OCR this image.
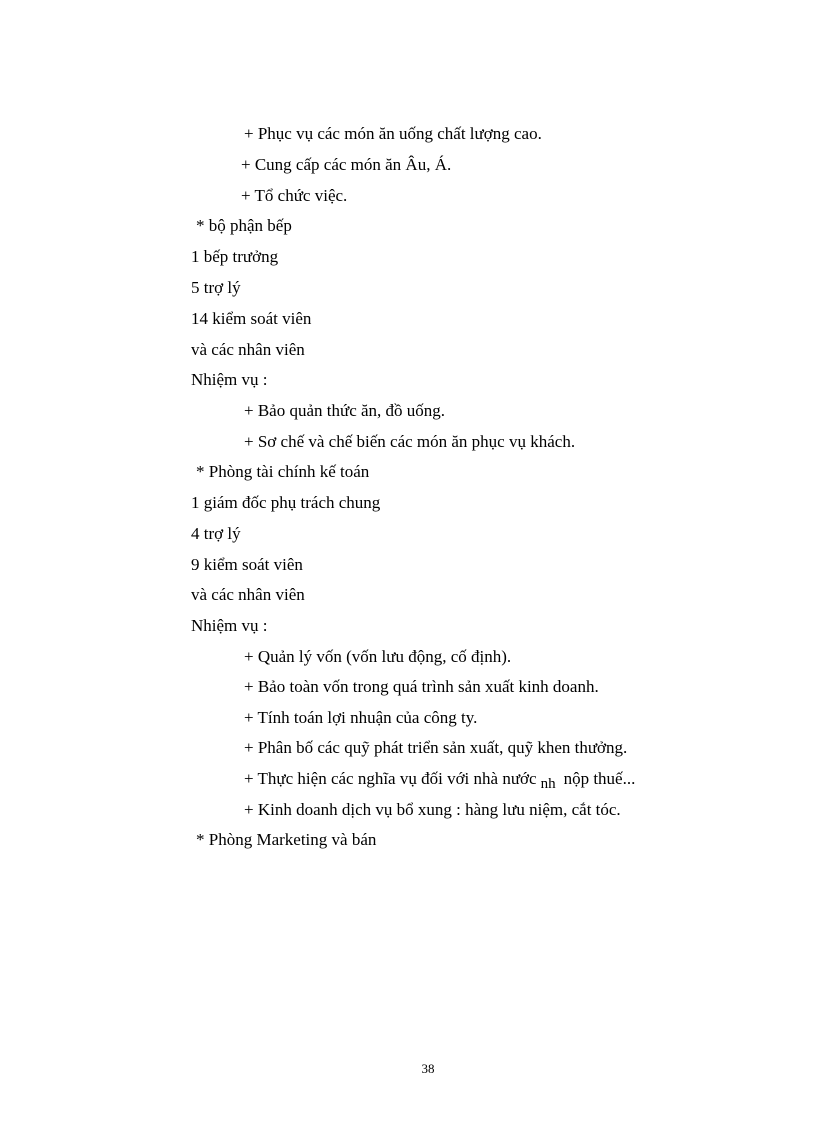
+ Phục vụ các món ăn uống chất lượng cao.
+ Cung cấp các món ăn Âu, Á.
+ Tổ chức việc.
* bộ phận bếp
1 bếp trưởng
5 trợ lý
14 kiểm soát viên
và các nhân viên
Nhiệm vụ :
+ Bảo quản thức ăn, đồ uống.
+ Sơ chế và chế biến các món ăn phục vụ khách.
* Phòng tài chính kế toán
1 giám đốc phụ trách chung
4 trợ lý
9 kiểm soát viên
và các nhân viên
Nhiệm vụ :
+ Quản lý vốn (vốn lưu động, cố định).
+ Bảo toàn vốn trong quá trình sản xuất kinh doanh.
+ Tính toán lợi nhuận của công ty.
+ Phân bố các quỹ phát triển sản xuất, quỹ khen thưởng.
+ Thực hiện các nghĩa vụ đối với nhà nước nh nộp thuế...
+ Kinh doanh dịch vụ bổ xung : hàng lưu niệm, cắt tóc.
* Phòng Marketing và bán
38
